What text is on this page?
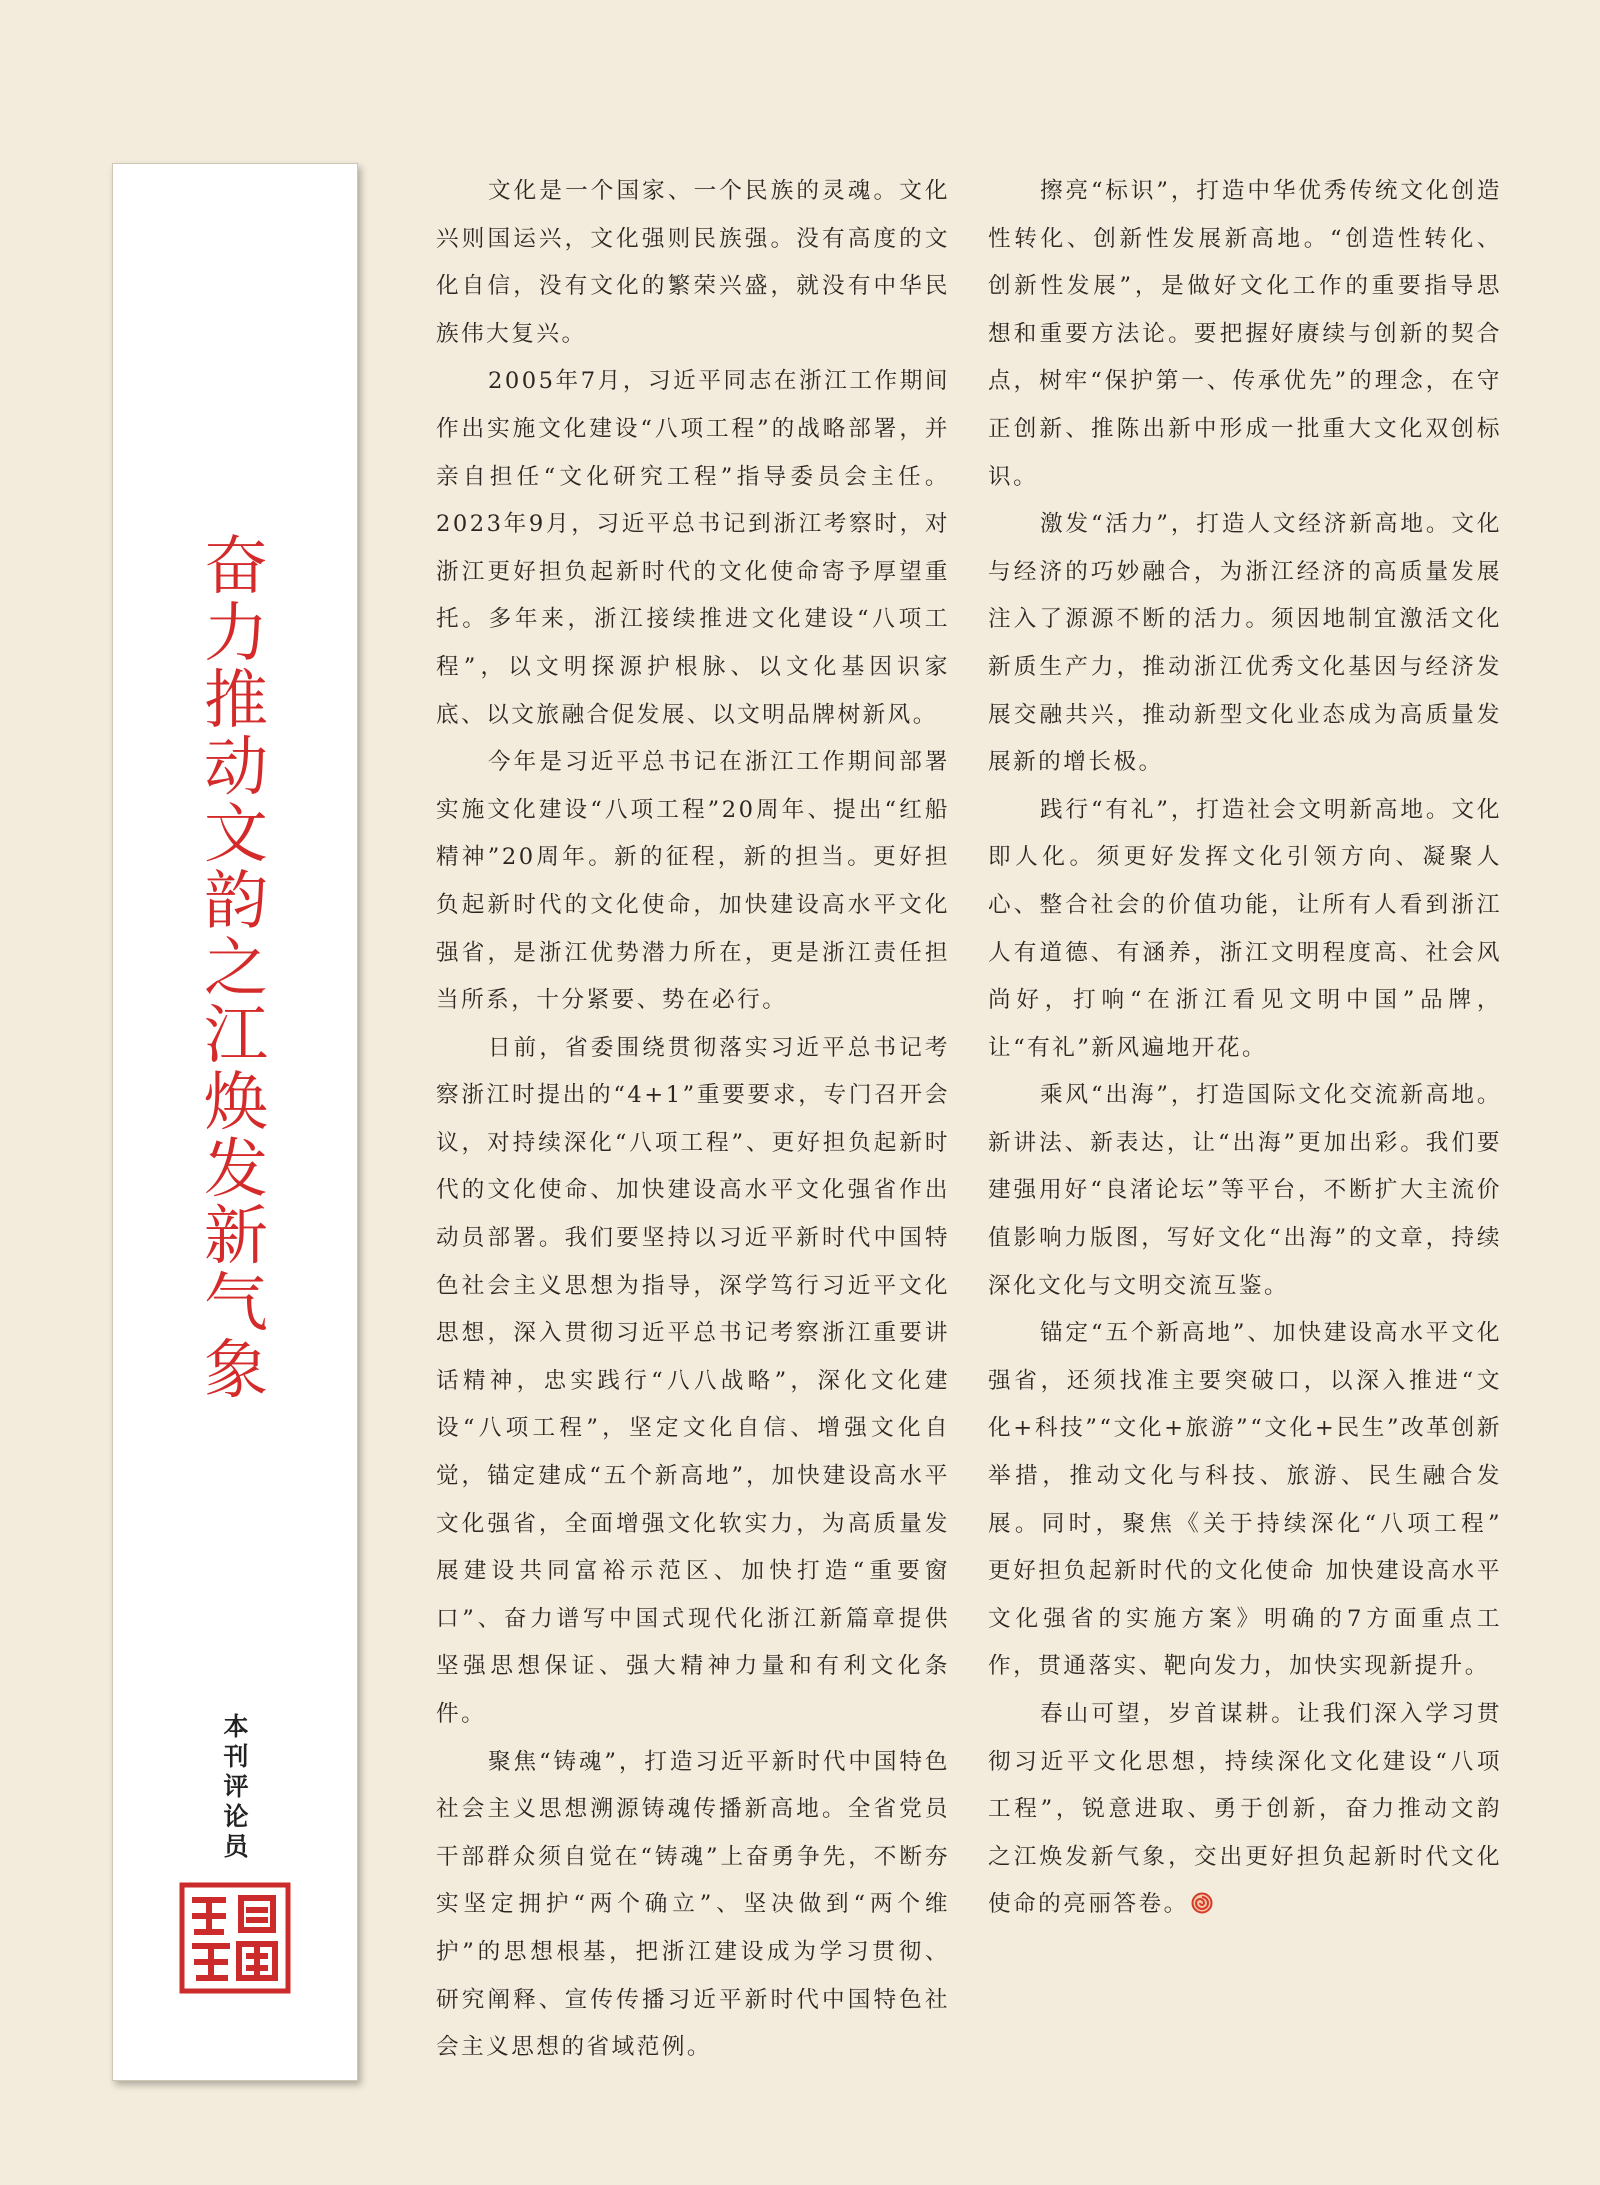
奋力推动文韵之江焕发新气象
本刊评论员

文化是一个国家、一个民族的灵魂。文化兴则国运兴，文化强则民族强。没有高度的文化自信，没有文化的繁荣兴盛，就没有中华民族伟大复兴。

2005年7月，习近平同志在浙江工作期间作出实施文化建设“八项工程”的战略部署，并亲自担任“文化研究工程”指导委员会主任。2023年9月，习近平总书记到浙江考察时，对浙江更好担负起新时代的文化使命寄予厚望重托。多年来，浙江接续推进文化建设“八项工程”，以文明探源护根脉、以文化基因识家底、以文旅融合促发展、以文明品牌树新风。

今年是习近平总书记在浙江工作期间部署实施文化建设“八项工程”20周年、提出“红船精神”20周年。新的征程，新的担当。更好担负起新时代的文化使命，加快建设高水平文化强省，是浙江优势潜力所在，更是浙江责任担当所系，十分紧要、势在必行。

日前，省委围绕贯彻落实习近平总书记考察浙江时提出的“4+1”重要要求，专门召开会议，对持续深化“八项工程”、更好担负起新时代的文化使命、加快建设高水平文化强省作出动员部署。我们要坚持以习近平新时代中国特色社会主义思想为指导，深学笃行习近平文化思想，深入贯彻习近平总书记考察浙江重要讲话精神，忠实践行“八八战略”，深化文化建设“八项工程”，坚定文化自信、增强文化自觉，锚定建成“五个新高地”，加快建设高水平文化强省，全面增强文化软实力，为高质量发展建设共同富裕示范区、加快打造“重要窗口”、奋力谱写中国式现代化浙江新篇章提供坚强思想保证、强大精神力量和有利文化条件。

聚焦“铸魂”，打造习近平新时代中国特色社会主义思想溯源铸魂传播新高地。全省党员干部群众须自觉在“铸魂”上奋勇争先，不断夯实坚定拥护“两个确立”、坚决做到“两个维护”的思想根基，把浙江建设成为学习贯彻、研究阐释、宣传传播习近平新时代中国特色社会主义思想的省域范例。

擦亮“标识”，打造中华优秀传统文化创造性转化、创新性发展新高地。“创造性转化、创新性发展”，是做好文化工作的重要指导思想和重要方法论。要把握好赓续与创新的契合点，树牢“保护第一、传承优先”的理念，在守正创新、推陈出新中形成一批重大文化双创标识。

激发“活力”，打造人文经济新高地。文化与经济的巧妙融合，为浙江经济的高质量发展注入了源源不断的活力。须因地制宜激活文化新质生产力，推动浙江优秀文化基因与经济发展交融共兴，推动新型文化业态成为高质量发展新的增长极。

践行“有礼”，打造社会文明新高地。文化即人化。须更好发挥文化引领方向、凝聚人心、整合社会的价值功能，让所有人看到浙江人有道德、有涵养，浙江文明程度高、社会风尚好，打响“在浙江看见文明中国”品牌，让“有礼”新风遍地开花。

乘风“出海”，打造国际文化交流新高地。新讲法、新表达，让“出海”更加出彩。我们要建强用好“良渚论坛”等平台，不断扩大主流价值影响力版图，写好文化“出海”的文章，持续深化文化与文明交流互鉴。

锚定“五个新高地”、加快建设高水平文化强省，还须找准主要突破口，以深入推进“文化+科技”“文化+旅游”“文化+民生”改革创新举措，推动文化与科技、旅游、民生融合发展。同时，聚焦《关于持续深化“八项工程” 更好担负起新时代的文化使命 加快建设高水平文化强省的实施方案》明确的7方面重点工作，贯通落实、靶向发力，加快实现新提升。

春山可望，岁首谋耕。让我们深入学习贯彻习近平文化思想，持续深化文化建设“八项工程”，锐意进取、勇于创新，奋力推动文韵之江焕发新气象，交出更好担负起新时代文化使命的亮丽答卷。
